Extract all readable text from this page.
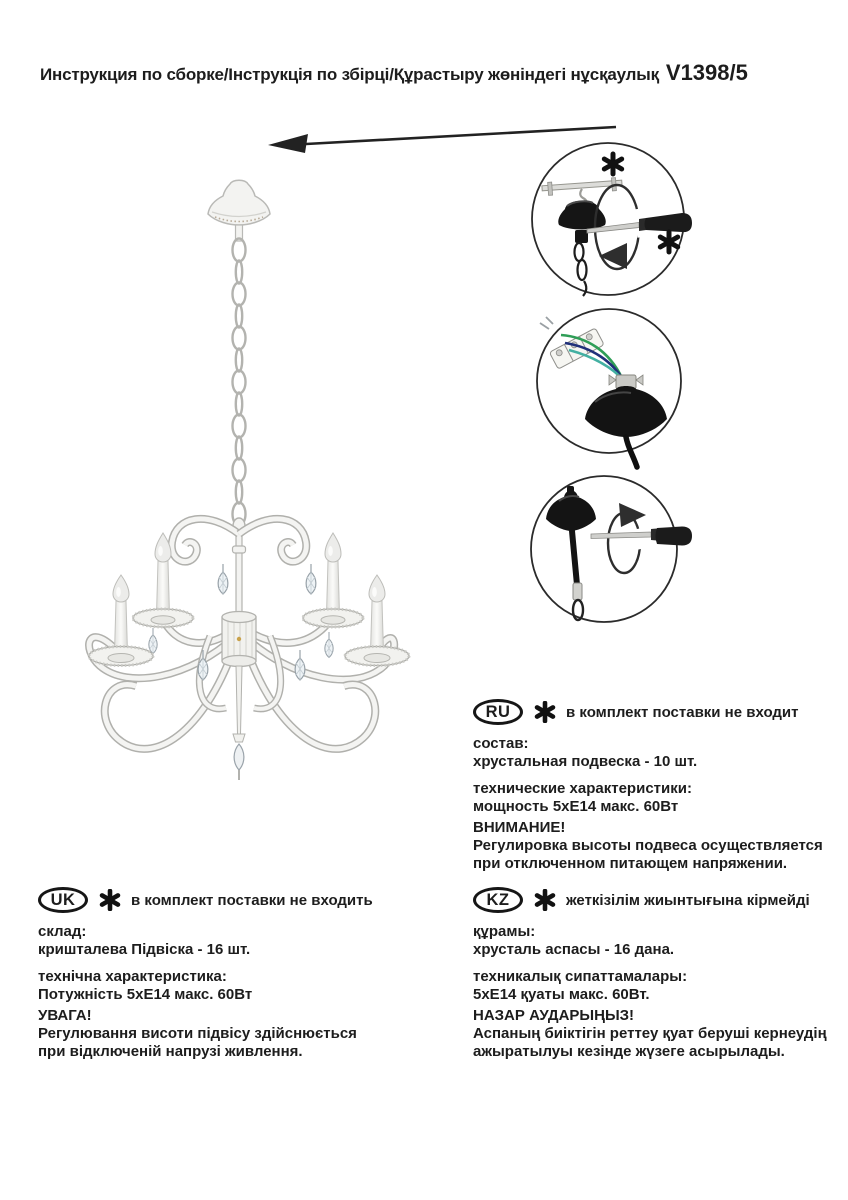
Инструкция по сборке/Інструкція по збірці/Құрастыру жөніндегі нұсқаулық V1398/5
RU	в комплект поставки не входит
состав:
хрустальная подвеска - 10 шт.
технические характеристики:
мощность 5хЕ14 макс. 60Вт
ВНИМАНИЕ!
Регулировка высоты подвеса осуществляется
при отключенном питающем напряжении.
UK	в комплект поставки не входить
склад:
кришталева Підвіска - 16 шт.
технічна характеристика:
Потужність 5хЕ14 макс. 60Вт
УВАГА!
Регулювання висоти підвісу здійснюється
при відключеній напрузі живлення.
KZ	жеткізілім жиынтығына кірмейді
құрамы:
хрусталь аспасы - 16 дана.
техникалық сипаттамалары:
5хЕ14 қуаты макс. 60Вт.
НАЗАР АУДАРЫҢЫЗ!
Аспаның биіктігін реттеу қуат беруші кернеудің
ажыратылуы кезінде жүзеге асырылады.
